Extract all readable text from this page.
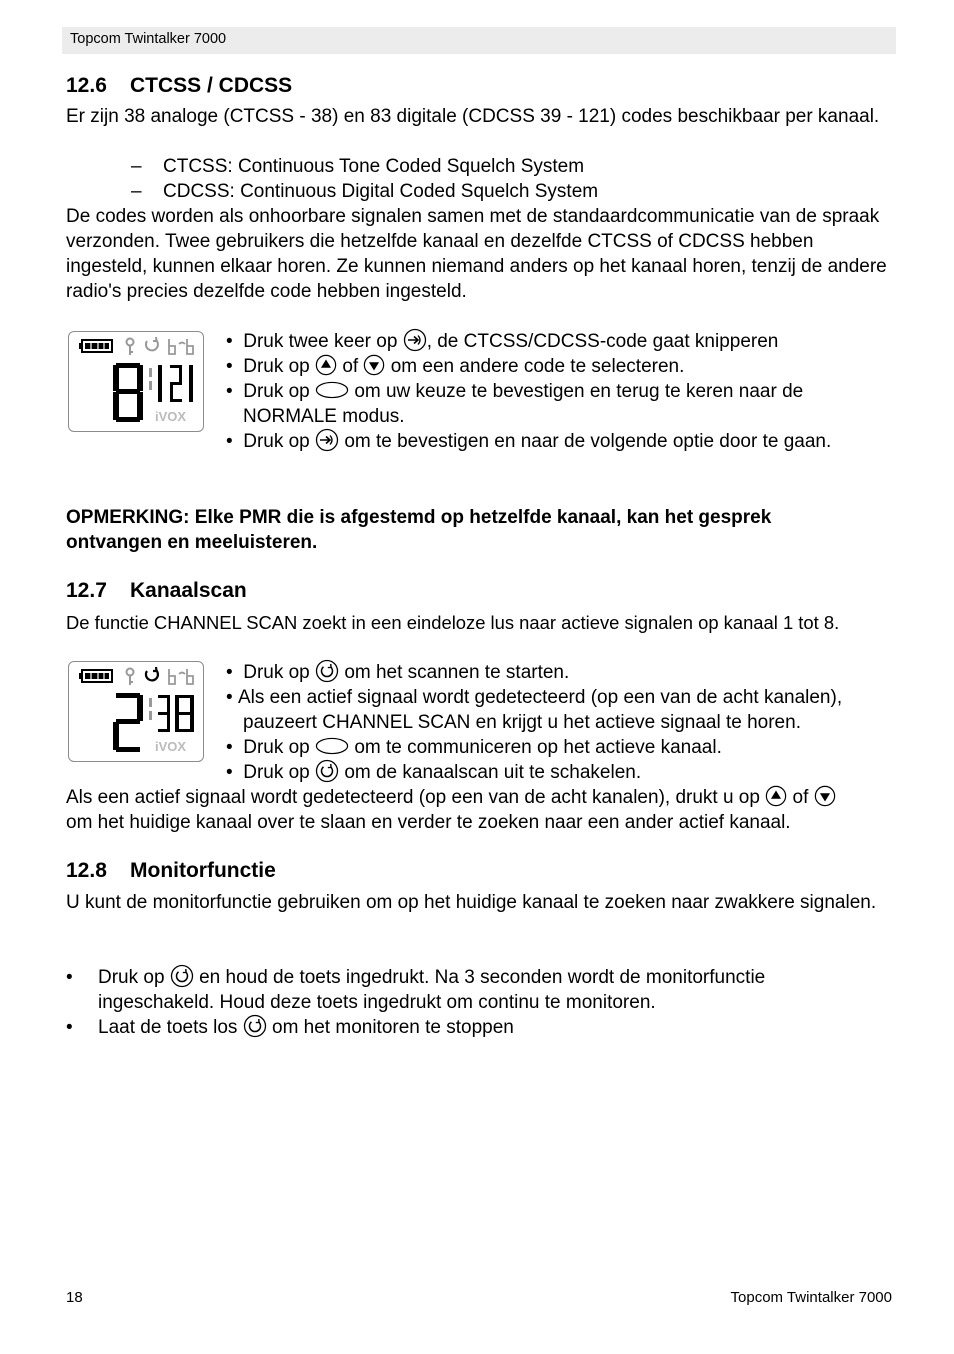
Topcom Twintalker 7000
12.6 CTCSS / CDCSS

Er zijn 38 analoge (CTCSS - 38) en 83 digitale (CDCSS 39 - 121) codes beschikbaar per kanaal.

– CTCSS: Continuous Tone Coded Squelch System
– CDCSS: Continuous Digital Coded Squelch System

De codes worden als onhoorbare signalen samen met de standaardcommunicatie van de spraak verzonden. Twee gebruikers die hetzelfde kanaal en dezelfde CTCSS of CDCSS hebben ingesteld, kunnen elkaar horen. Ze kunnen niemand anders op het kanaal horen, tenzij de andere radio's precies dezelfde code hebben ingesteld.

iVOX
• Druk twee keer op , de CTCSS/CDCSS-code gaat knipperen
• Druk op of om een andere code te selecteren.
• Druk op om uw keuze te bevestigen en terug te keren naar de
NORMALE modus.
• Druk op om te bevestigen en naar de volgende optie door te gaan.
OPMERKING: Elke PMR die is afgestemd op hetzelfde kanaal, kan het gesprek
ontvangen en meeluisteren.
12.7 Kanaalscan
De functie CHANNEL SCAN zoekt in een eindeloze lus naar actieve signalen op kanaal 1 tot 8.
iVOX
• Druk op om het scannen te starten.
• Als een actief signaal wordt gedetecteerd (op een van de acht kanalen),
pauzeert CHANNEL SCAN en krijgt u het actieve signaal te horen.
• Druk op om te communiceren op het actieve kanaal.
• Druk op om de kanaalscan uit te schakelen.
Als een actief signaal wordt gedetecteerd (op een van de acht kanalen), drukt u op of
om het huidige kanaal over te slaan en verder te zoeken naar een ander actief kanaal.
12.8 Monitorfunctie

U kunt de monitorfunctie gebruiken om op het huidige kanaal te zoeken naar zwakkere signalen.

• Druk op en houd de toets ingedrukt. Na 3 seconden wordt de monitorfunctie
ingeschakeld. Houd deze toets ingedrukt om continu te monitoren.
• Laat de toets los om het monitoren te stoppen
18	Topcom Twintalker 7000
